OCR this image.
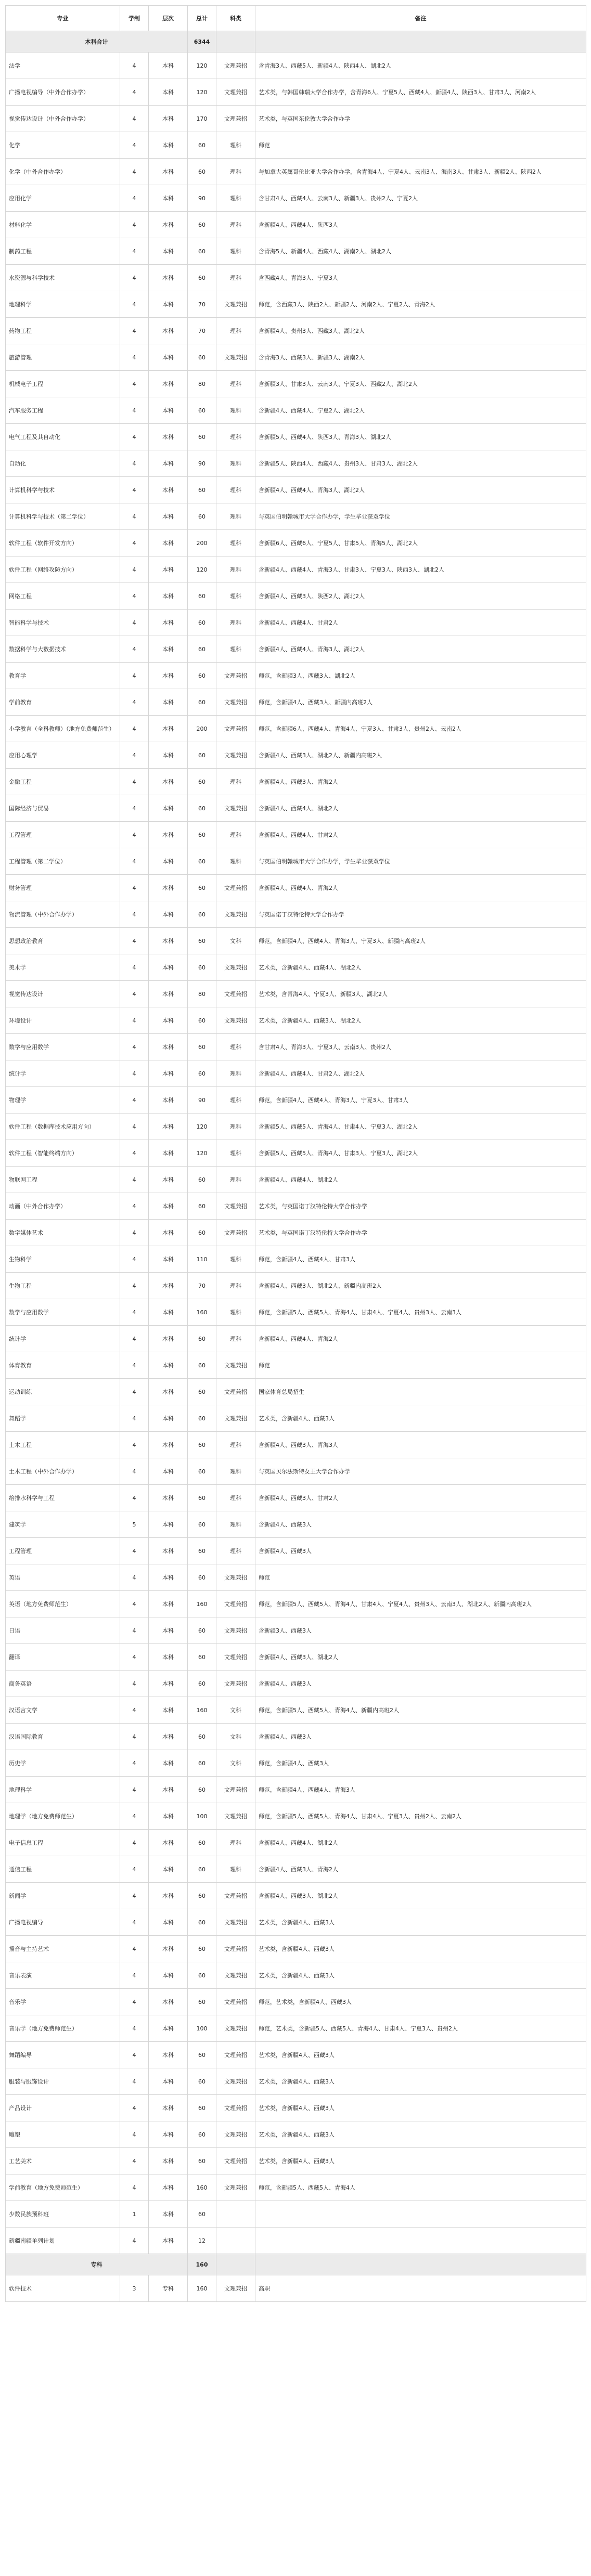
专业	学制	层次	总计	科类	备注
本科合计			6344		
法学	4	本科	120	文理兼招	含青海3人、西藏5人、新疆4人、陕西4人、湖北2人
广播电视编导（中外合作办学）	4	本科	120	文理兼招	艺术类，与韩国韩瑞大学合作办学，含青海6人、宁夏5人、西藏4人、新疆4人、陕西3人、甘肃3人、河南2人
视觉传达设计（中外合作办学）	4	本科	170	文理兼招	艺术类，与英国东伦敦大学合作办学
化学	4	本科	60	理科	师范
化学（中外合作办学）	4	本科	60	理科	与加拿大英属哥伦比亚大学合作办学，含青海4人、宁夏4人、云南3人、海南3人、甘肃3人、新疆2人、陕西2人
应用化学	4	本科	90	理科	含甘肃4人、西藏4人、云南3人、新疆3人、贵州2人、宁夏2人
材料化学	4	本科	60	理科	含新疆4人、西藏4人、陕西3人
制药工程	4	本科	60	理科	含青海5人、新疆4人、西藏4人、湖南2人、湖北2人
水资源与科学技术	4	本科	60	理科	含西藏4人、青海3人、宁夏3人
地理科学	4	本科	70	文理兼招	师范，含西藏3人、陕西2人、新疆2人、河南2人、宁夏2人、青海2人
药物工程	4	本科	70	理科	含新疆4人、贵州3人、西藏3人、湖北2人
旅游管理	4	本科	60	文理兼招	含青海3人、西藏3人、新疆3人、湖南2人
机械电子工程	4	本科	80	理科	含新疆3人、甘肃3人、云南3人、宁夏3人、西藏2人、湖北2人
汽车服务工程	4	本科	60	理科	含新疆4人、西藏4人、宁夏2人、湖北2人
电气工程及其自动化	4	本科	60	理科	含新疆5人、西藏4人、陕西3人、青海3人、湖北2人
自动化	4	本科	90	理科	含新疆5人、陕西4人、西藏4人、贵州3人、甘肃3人、湖北2人
计算机科学与技术	4	本科	60	理科	含新疆4人、西藏4人、青海3人、湖北2人
计算机科学与技术（第二学位）	4	本科	60	理科	与英国伯明翰城市大学合作办学，学生毕业获双学位
软件工程（软件开发方向）	4	本科	200	理科	含新疆6人、西藏6人、宁夏5人、甘肃5人、青海5人、湖北2人
软件工程（网络攻防方向）	4	本科	120	理科	含新疆4人、西藏4人、青海3人、甘肃3人、宁夏3人、陕西3人、湖北2人
网络工程	4	本科	60	理科	含新疆4人、西藏3人、陕西2人、湖北2人
智能科学与技术	4	本科	60	理科	含新疆4人、西藏4人、甘肃2人
数据科学与大数据技术	4	本科	60	理科	含新疆4人、西藏4人、青海3人、湖北2人
教育学	4	本科	60	文理兼招	师范，含新疆3人、西藏3人、湖北2人
学前教育	4	本科	60	文理兼招	师范，含新疆4人、西藏3人、新疆内高班2人
小学教育（全科教师）（地方免费师范生）	4	本科	200	文理兼招	师范，含新疆6人、西藏4人、青海4人、宁夏3人、甘肃3人、贵州2人、云南2人
应用心理学	4	本科	60	文理兼招	含新疆4人、西藏3人、湖北2人、新疆内高班2人
金融工程	4	本科	60	理科	含新疆4人、西藏3人、青海2人
国际经济与贸易	4	本科	60	文理兼招	含新疆4人、西藏4人、湖北2人
工程管理	4	本科	60	理科	含新疆4人、西藏4人、甘肃2人
工程管理（第二学位）	4	本科	60	理科	与英国伯明翰城市大学合作办学，学生毕业获双学位
财务管理	4	本科	60	文理兼招	含新疆4人、西藏4人、青海2人
物流管理（中外合作办学）	4	本科	60	文理兼招	与英国诺丁汉特伦特大学合作办学
思想政治教育	4	本科	60	文科	师范，含新疆4人、西藏4人、青海3人、宁夏3人、新疆内高班2人
美术学	4	本科	60	文理兼招	艺术类，含新疆4人、西藏4人、湖北2人
视觉传达设计	4	本科	80	文理兼招	艺术类，含青海4人、宁夏3人、新疆3人、湖北2人
环境设计	4	本科	60	文理兼招	艺术类，含新疆4人、西藏3人、湖北2人
数学与应用数学	4	本科	60	理科	含甘肃4人、青海3人、宁夏3人、云南3人、贵州2人
统计学	4	本科	60	理科	含新疆4人、西藏4人、甘肃2人、湖北2人
物理学	4	本科	90	理科	师范，含新疆4人、西藏4人、青海3人、宁夏3人、甘肃3人
软件工程（数据库技术应用方向）	4	本科	120	理科	含新疆5人、西藏5人、青海4人、甘肃4人、宁夏3人、湖北2人
软件工程（智能终端方向）	4	本科	120	理科	含新疆5人、西藏5人、青海4人、甘肃3人、宁夏3人、湖北2人
物联网工程	4	本科	60	理科	含新疆4人、西藏4人、湖北2人
动画（中外合作办学）	4	本科	60	文理兼招	艺术类，与英国诺丁汉特伦特大学合作办学
数字媒体艺术	4	本科	60	文理兼招	艺术类，与英国诺丁汉特伦特大学合作办学
生物科学	4	本科	110	理科	师范，含新疆4人、西藏4人、甘肃3人
生物工程	4	本科	70	理科	含新疆4人、西藏3人、湖北2人、新疆内高班2人
数学与应用数学	4	本科	160	理科	师范，含新疆5人、西藏5人、青海4人、甘肃4人、宁夏4人、贵州3人、云南3人
统计学	4	本科	60	理科	含新疆4人、西藏4人、青海2人
体育教育	4	本科	60	文理兼招	师范
运动训练	4	本科	60	文理兼招	国家体育总局招生
舞蹈学	4	本科	60	文理兼招	艺术类，含新疆4人、西藏3人
土木工程	4	本科	60	理科	含新疆4人、西藏3人、青海3人
土木工程（中外合作办学）	4	本科	60	理科	与英国贝尔法斯特女王大学合作办学
给排水科学与工程	4	本科	60	理科	含新疆4人、西藏3人、甘肃2人
建筑学	5	本科	60	理科	含新疆4人、西藏3人
工程管理	4	本科	60	理科	含新疆4人、西藏3人
英语	4	本科	60	文理兼招	师范
英语（地方免费师范生）	4	本科	160	文理兼招	师范，含新疆5人、西藏5人、青海4人、甘肃4人、宁夏4人、贵州3人、云南3人、湖北2人、新疆内高班2人
日语	4	本科	60	文理兼招	含新疆3人、西藏3人
翻译	4	本科	60	文理兼招	含新疆4人、西藏3人、湖北2人
商务英语	4	本科	60	文理兼招	含新疆4人、西藏3人
汉语言文学	4	本科	160	文科	师范，含新疆5人、西藏5人、青海4人、新疆内高班2人
汉语国际教育	4	本科	60	文科	含新疆4人、西藏3人
历史学	4	本科	60	文科	师范，含新疆4人、西藏3人
地理科学	4	本科	60	文理兼招	师范，含新疆4人、西藏4人、青海3人
地理学（地方免费师范生）	4	本科	100	文理兼招	师范，含新疆5人、西藏5人、青海4人、甘肃4人、宁夏3人、贵州2人、云南2人
电子信息工程	4	本科	60	理科	含新疆4人、西藏4人、湖北2人
通信工程	4	本科	60	理科	含新疆4人、西藏3人、青海2人
新闻学	4	本科	60	文理兼招	含新疆4人、西藏3人、湖北2人
广播电视编导	4	本科	60	文理兼招	艺术类，含新疆4人、西藏3人
播音与主持艺术	4	本科	60	文理兼招	艺术类，含新疆4人、西藏3人
音乐表演	4	本科	60	文理兼招	艺术类，含新疆4人、西藏3人
音乐学	4	本科	60	文理兼招	师范，艺术类，含新疆4人、西藏3人
音乐学（地方免费师范生）	4	本科	100	文理兼招	师范，艺术类，含新疆5人、西藏5人、青海4人、甘肃4人、宁夏3人、贵州2人
舞蹈编导	4	本科	60	文理兼招	艺术类，含新疆4人、西藏3人
服装与服饰设计	4	本科	60	文理兼招	艺术类，含新疆4人、西藏3人
产品设计	4	本科	60	文理兼招	艺术类，含新疆4人、西藏3人
雕塑	4	本科	60	文理兼招	艺术类，含新疆4人、西藏3人
工艺美术	4	本科	60	文理兼招	艺术类，含新疆4人、西藏3人
学前教育（地方免费师范生）	4	本科	160	文理兼招	师范，含新疆5人、西藏5人、青海4人
少数民族预科班	1	本科	60		
新疆南疆单列计划	4	本科	12		
专科			160		
软件技术	3	专科	160	文理兼招	高职
